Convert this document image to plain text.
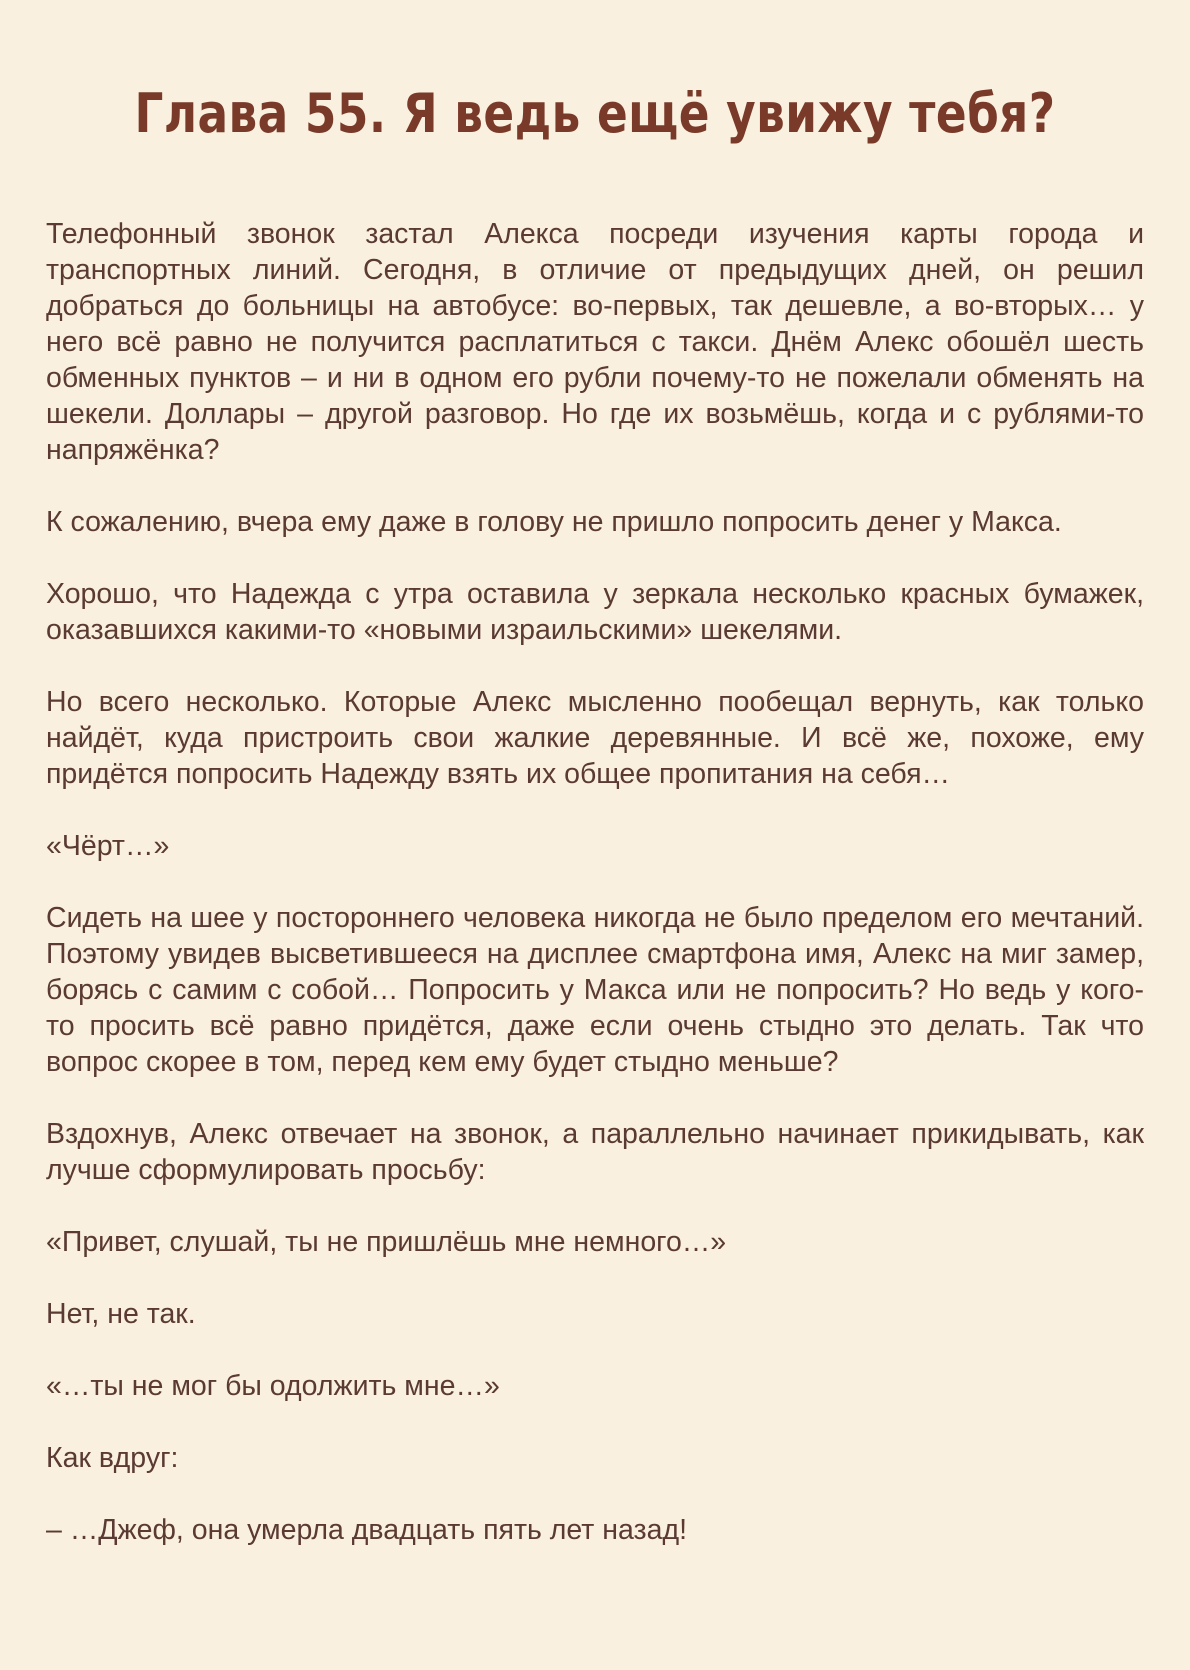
Глава 55. Я ведь ещё увижу тебя?

Телефонный звонок застал Алекса посреди изучения карты города и транспортных линий. Сегодня, в отличие от предыдущих дней, он решил добраться до больницы на автобусе: во-первых, так дешевле, а во-вторых… у него всё равно не получится расплатиться с такси. Днём Алекс обошёл шесть обменных пунктов – и ни в одном его рубли почему-то не пожелали обменять на шекели. Доллары – другой разговор. Но где их возьмёшь, когда и с рублями-то напряжёнка?

К сожалению, вчера ему даже в голову не пришло попросить денег у Макса.

Хорошо, что Надежда с утра оставила у зеркала несколько красных бумажек, оказавшихся какими-то «новыми израильскими» шекелями.

Но всего несколько. Которые Алекс мысленно пообещал вернуть, как только найдёт, куда пристроить свои жалкие деревянные. И всё же, похоже, ему придётся попросить Надежду взять их общее пропитания на себя…

«Чёрт…»

Сидеть на шее у постороннего человека никогда не было пределом его мечтаний. Поэтому увидев высветившееся на дисплее смартфона имя, Алекс на миг замер, борясь с самим с собой… Попросить у Макса или не попросить? Но ведь у кого-то просить всё равно придётся, даже если очень стыдно это делать. Так что вопрос скорее в том, перед кем ему будет стыдно меньше?

Вздохнув, Алекс отвечает на звонок, а параллельно начинает прикидывать, как лучше сформулировать просьбу:

«Привет, слушай, ты не пришлёшь мне немного…»

Нет, не так.

«…ты не мог бы одолжить мне…»

Как вдруг:

– …Джеф, она умерла двадцать пять лет назад!
